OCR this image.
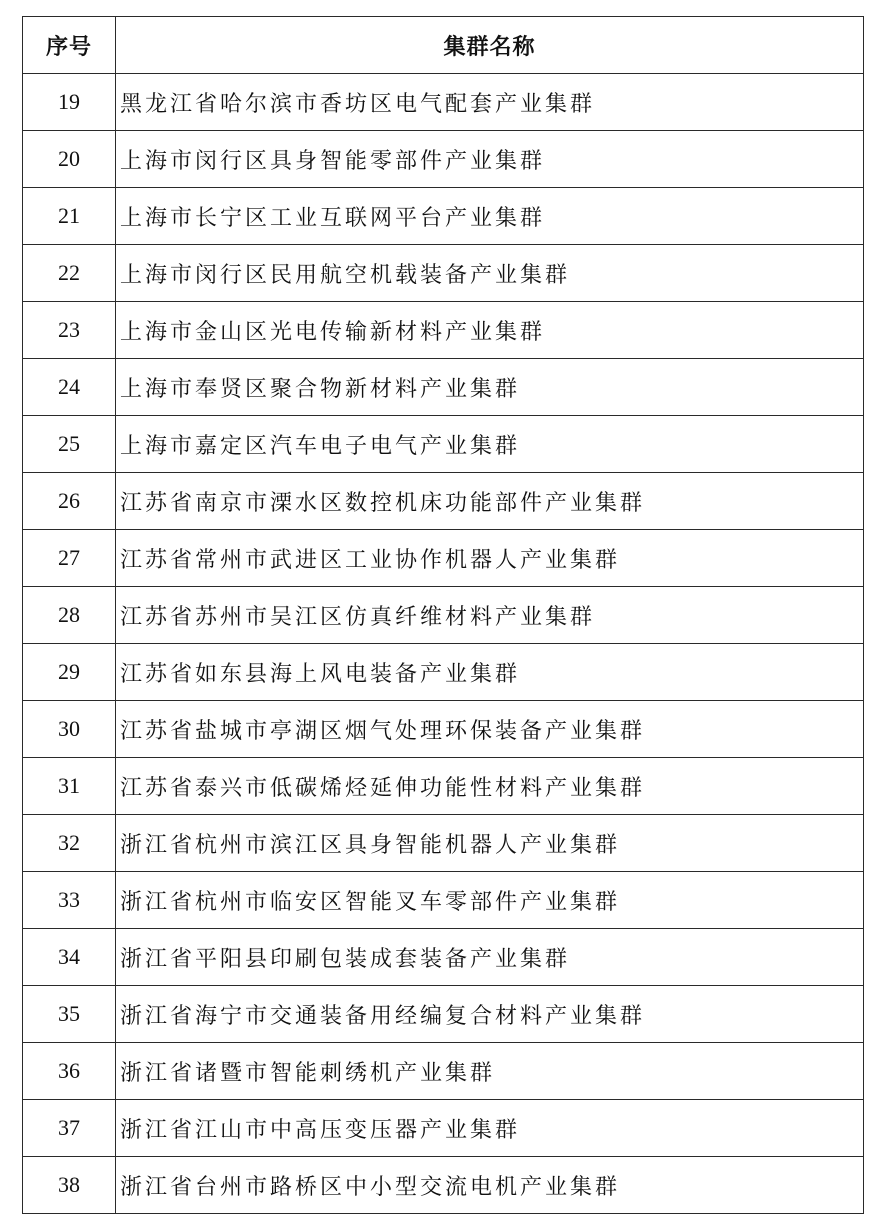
序号	集群名称
19	黑龙江省哈尔滨市香坊区电气配套产业集群
20	上海市闵行区具身智能零部件产业集群
21	上海市长宁区工业互联网平台产业集群
22	上海市闵行区民用航空机载装备产业集群
23	上海市金山区光电传输新材料产业集群
24	上海市奉贤区聚合物新材料产业集群
25	上海市嘉定区汽车电子电气产业集群
26	江苏省南京市溧水区数控机床功能部件产业集群
27	江苏省常州市武进区工业协作机器人产业集群
28	江苏省苏州市吴江区仿真纤维材料产业集群
29	江苏省如东县海上风电装备产业集群
30	江苏省盐城市亭湖区烟气处理环保装备产业集群
31	江苏省泰兴市低碳烯烃延伸功能性材料产业集群
32	浙江省杭州市滨江区具身智能机器人产业集群
33	浙江省杭州市临安区智能叉车零部件产业集群
34	浙江省平阳县印刷包装成套装备产业集群
35	浙江省海宁市交通装备用经编复合材料产业集群
36	浙江省诸暨市智能刺绣机产业集群
37	浙江省江山市中高压变压器产业集群
38	浙江省台州市路桥区中小型交流电机产业集群
